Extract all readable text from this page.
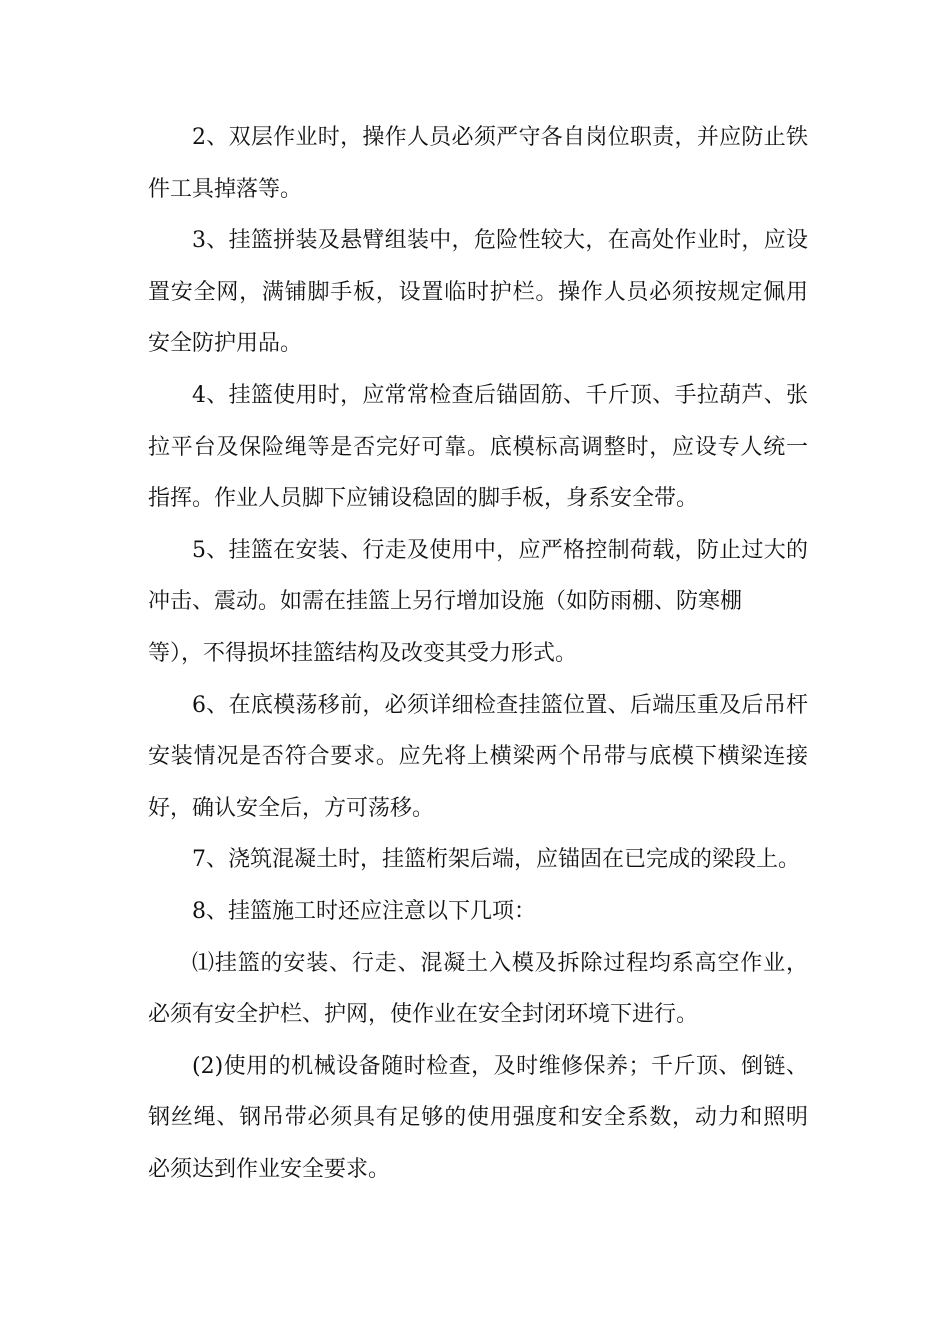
2、双层作业时，操作人员必须严守各自岗位职责，并应防止铁
件工具掉落等。
3、挂篮拼装及悬臂组装中，危险性较大，在高处作业时，应设
置安全网，满铺脚手板，设置临时护栏。操作人员必须按规定佩用
安全防护用品。
4、挂篮使用时，应常常检查后锚固筋、千斤顶、手拉葫芦、张
拉平台及保险绳等是否完好可靠。底模标高调整时，应设专人统一
指挥。作业人员脚下应铺设稳固的脚手板，身系安全带。
5、挂篮在安装、行走及使用中，应严格控制荷载，防止过大的
冲击、震动。如需在挂篮上另行增加设施（如防雨棚、防寒棚
等），不得损坏挂篮结构及改变其受力形式。
6、在底模荡移前，必须详细检查挂篮位置、后端压重及后吊杆
安装情况是否符合要求。应先将上横梁两个吊带与底模下横梁连接
好，确认安全后，方可荡移。
7、浇筑混凝土时，挂篮桁架后端，应锚固在已完成的梁段上。
8、挂篮施工时还应注意以下几项：
⑴挂篮的安装、行走、混凝土入模及拆除过程均系高空作业，
必须有安全护栏、护网，使作业在安全封闭环境下进行。
(2)使用的机械设备随时检查，及时维修保养；千斤顶、倒链、
钢丝绳、钢吊带必须具有足够的使用强度和安全系数，动力和照明
必须达到作业安全要求。
